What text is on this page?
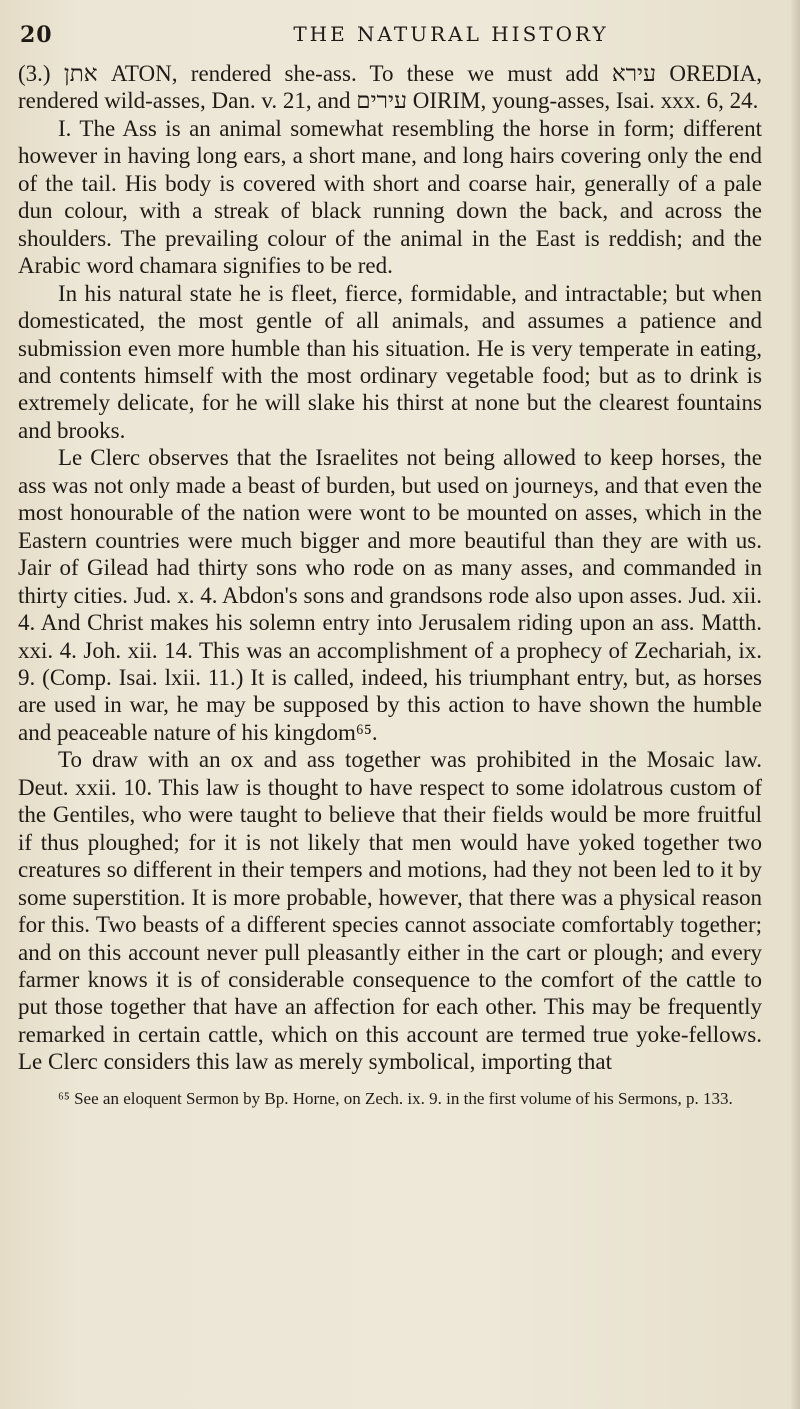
20	THE NATURAL HISTORY

(3.) אתן ATON, rendered she-ass. To these we must add עירא OREDIA, rendered wild-asses, Dan. v. 21, and עירים OIRIM, young-asses, Isai. xxx. 6, 24.

I. The Ass is an animal somewhat resembling the horse in form; different however in having long ears, a short mane, and long hairs covering only the end of the tail. His body is covered with short and coarse hair, generally of a pale dun colour, with a streak of black running down the back, and across the shoulders. The prevailing colour of the animal in the East is reddish; and the Arabic word chamara signifies to be red.

In his natural state he is fleet, fierce, formidable, and intractable; but when domesticated, the most gentle of all animals, and assumes a patience and submission even more humble than his situation. He is very temperate in eating, and contents himself with the most ordinary vegetable food; but as to drink is extremely delicate, for he will slake his thirst at none but the clearest fountains and brooks.

Le Clerc observes that the Israelites not being allowed to keep horses, the ass was not only made a beast of burden, but used on journeys, and that even the most honourable of the nation were wont to be mounted on asses, which in the Eastern countries were much bigger and more beautiful than they are with us. Jair of Gilead had thirty sons who rode on as many asses, and commanded in thirty cities. Jud. x. 4. Abdon's sons and grandsons rode also upon asses. Jud. xii. 4. And Christ makes his solemn entry into Jerusalem riding upon an ass. Matth. xxi. 4. Joh. xii. 14. This was an accomplishment of a prophecy of Zechariah, ix. 9. (Comp. Isai. lxii. 11.) It is called, indeed, his triumphant entry, but, as horses are used in war, he may be supposed by this action to have shown the humble and peaceable nature of his kingdom⁶⁵.

To draw with an ox and ass together was prohibited in the Mosaic law. Deut. xxii. 10. This law is thought to have respect to some idolatrous custom of the Gentiles, who were taught to believe that their fields would be more fruitful if thus ploughed; for it is not likely that men would have yoked together two creatures so different in their tempers and motions, had they not been led to it by some superstition. It is more probable, however, that there was a physical reason for this. Two beasts of a different species cannot associate comfortably together; and on this account never pull pleasantly either in the cart or plough; and every farmer knows it is of considerable consequence to the comfort of the cattle to put those together that have an affection for each other. This may be frequently remarked in certain cattle, which on this account are termed true yoke-fellows. Le Clerc considers this law as merely symbolical, importing that

⁶⁵ See an eloquent Sermon by Bp. Horne, on Zech. ix. 9. in the first volume of his Sermons, p. 133.
